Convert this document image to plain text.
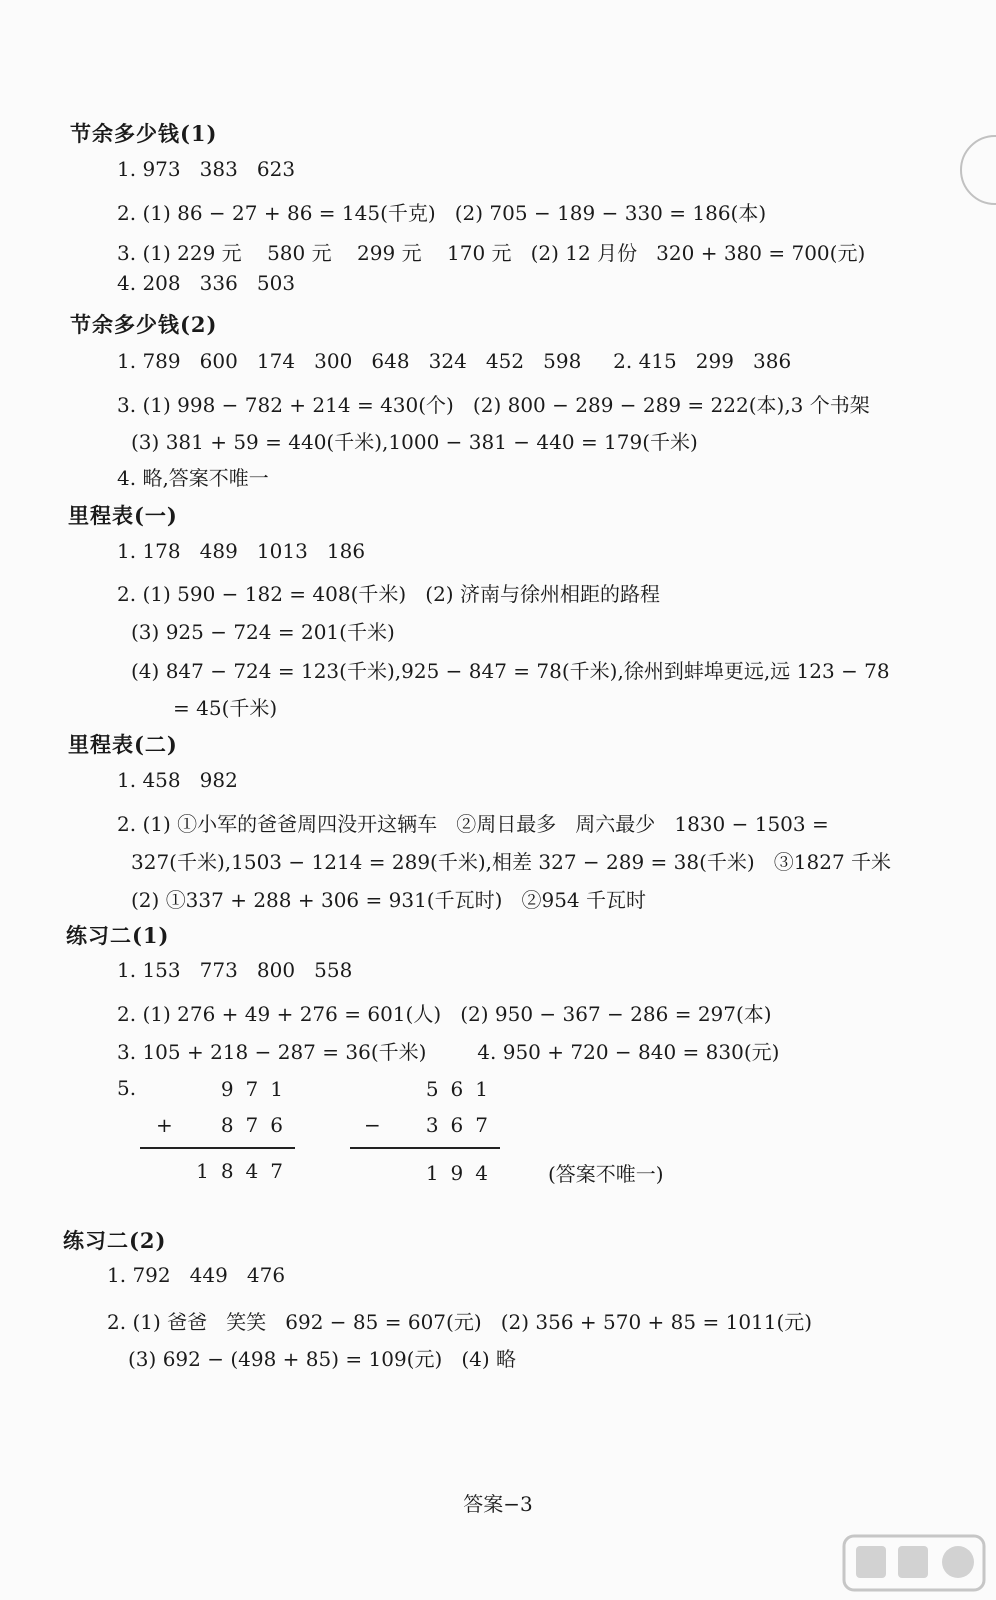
节余多少钱(1)
1. 973   383   623
2. (1) 86 − 27 + 86 = 145(千克)   (2) 705 − 189 − 330 = 186(本)
3. (1) 229 元    580 元    299 元    170 元   (2) 12 月份   320 + 380 = 700(元)
4. 208   336   503
节余多少钱(2)
1. 789   600   174   300   648   324   452   598     2. 415   299   386
3. (1) 998 − 782 + 214 = 430(个)   (2) 800 − 289 − 289 = 222(本),3 个书架
(3) 381 + 59 = 440(千米),1000 − 381 − 440 = 179(千米)
4. 略,答案不唯一
里程表(一)
1. 178   489   1013   186
2. (1) 590 − 182 = 408(千米)   (2) 济南与徐州相距的路程
(3) 925 − 724 = 201(千米)
(4) 847 − 724 = 123(千米),925 − 847 = 78(千米),徐州到蚌埠更远,远 123 − 78
= 45(千米)
里程表(二)
1. 458   982
2. (1) ①小军的爸爸周四没开这辆车   ②周日最多   周六最少   1830 − 1503 =
327(千米),1503 − 1214 = 289(千米),相差 327 − 289 = 38(千米)   ③1827 千米
(2) ①337 + 288 + 306 = 931(千瓦时)   ②954 千瓦时
练习二(1)
1. 153   773   800   558
2. (1) 276 + 49 + 276 = 601(人)   (2) 950 − 367 − 286 = 297(本)
3. 105 + 218 − 287 = 36(千米)        4. 950 + 720 − 840 = 830(元)
5.	971
+ 876
1847
561
− 367
194 (答案不唯一)
练习二(2)
1. 792   449   476
2. (1) 爸爸   笑笑   692 − 85 = 607(元)   (2) 356 + 570 + 85 = 1011(元)
(3) 692 − (498 + 85) = 109(元)   (4) 略
答案−3
